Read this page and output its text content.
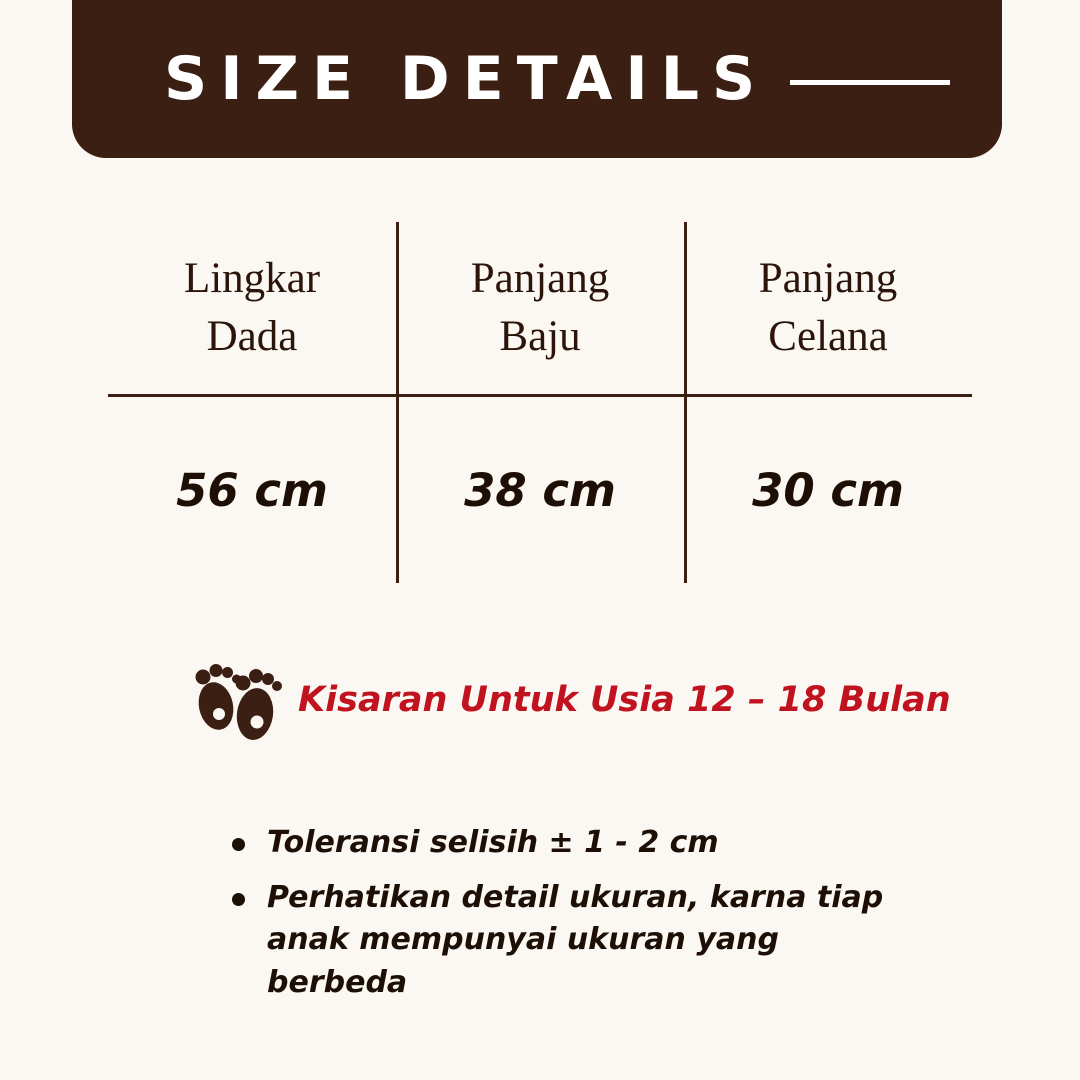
SIZE DETAILS
Lingkar
Dada
Panjang
Baju
Panjang
Celana
56 cm	38 cm	30 cm
Kisaran Untuk Usia 12 – 18 Bulan
Toleransi selisih ± 1 - 2 cm
Perhatikan detail ukuran, karna tiap anak mempunyai ukuran yang berbeda
